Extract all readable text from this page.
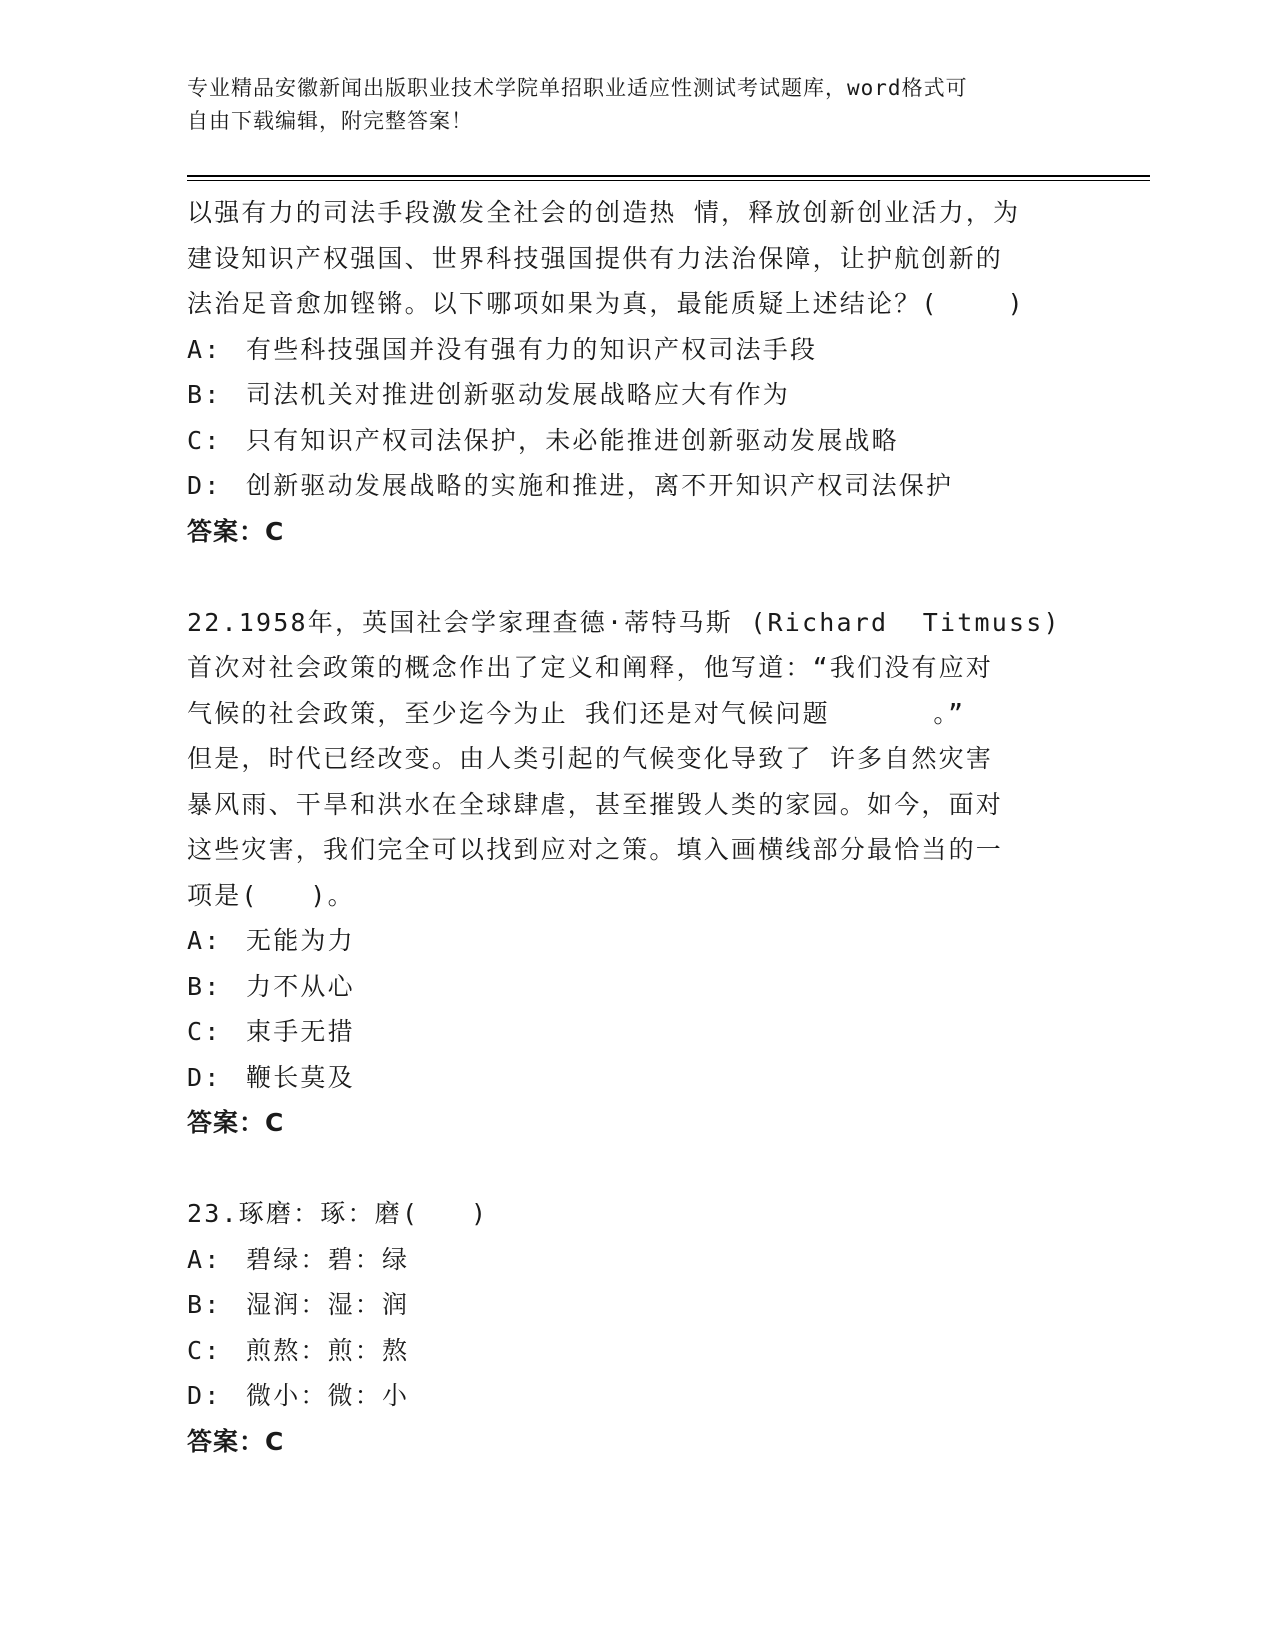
专业精品安徽新闻出版职业技术学院单招职业适应性测试考试题库，word格式可
自由下载编辑，附完整答案！
以强有力的司法手段激发全社会的创造热 情，释放创新创业活力，为
建设知识产权强国、世界科技强国提供有力法治保障，让护航创新的
法治足音愈加铿锵。以下哪项如果为真，最能质疑上述结论？(    )
A: 有些科技强国并没有强有力的知识产权司法手段
B: 司法机关对推进创新驱动发展战略应大有作为
C: 只有知识产权司法保护，未必能推进创新驱动发展战略
D: 创新驱动发展战略的实施和推进，离不开知识产权司法保护
答案：C
22.1958年，英国社会学家理查德·蒂特马斯 (Richard  Titmuss)
首次对社会政策的概念作出了定义和阐释，他写道：“我们没有应对
气候的社会政策，至少迄今为止 我们还是对气候问题      。”
但是，时代已经改变。由人类引起的气候变化导致了 许多自然灾害
暴风雨、干旱和洪水在全球肆虐，甚至摧毁人类的家园。如今，面对
这些灾害，我们完全可以找到应对之策。填入画横线部分最恰当的一
项是(   )。
A: 无能为力
B: 力不从心
C: 束手无措
D: 鞭长莫及
答案：C
23.琢磨：琢：磨(   )
A: 碧绿：碧：绿
B: 湿润：湿：润
C: 煎熬：煎：熬
D: 微小：微：小
答案：C
